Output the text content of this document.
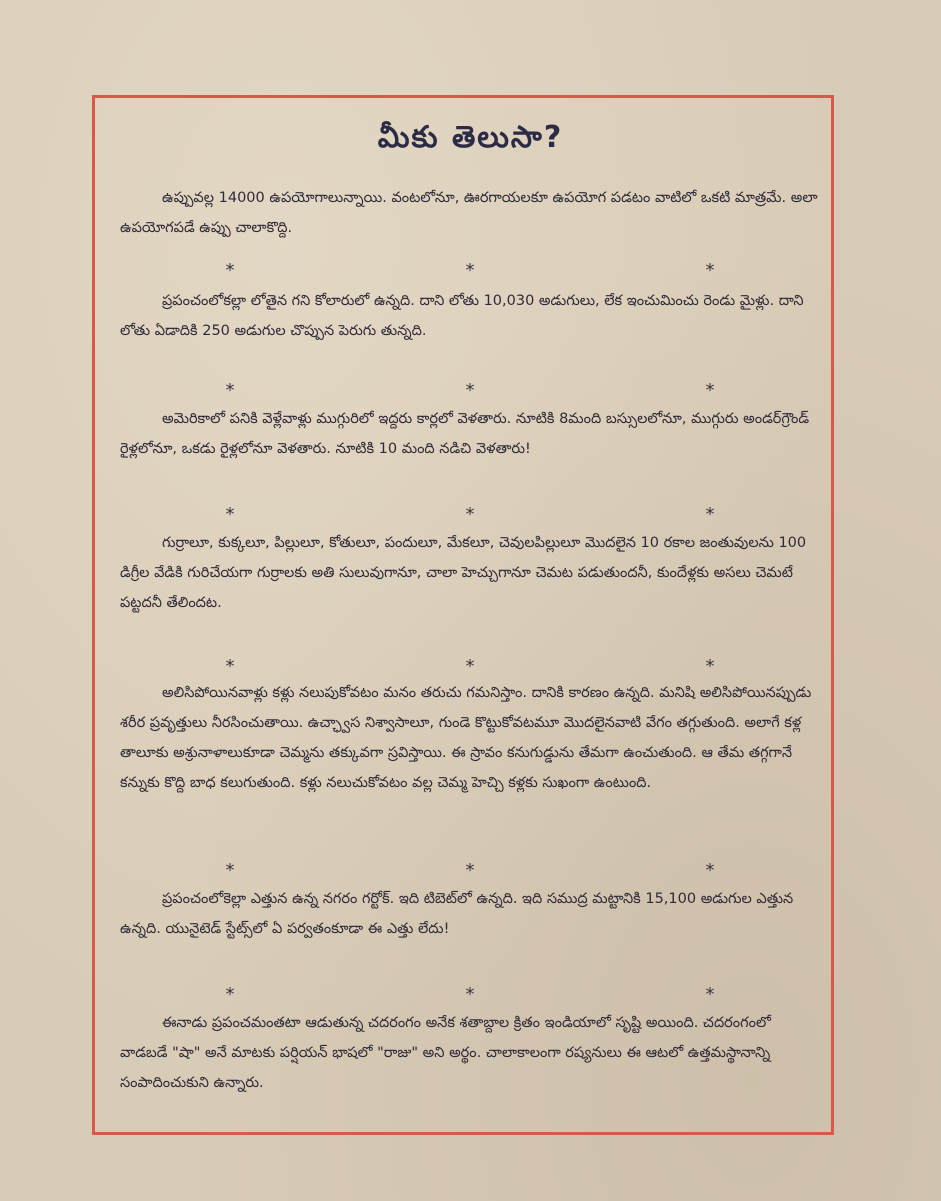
మీకు తెలుసా?

ఉప్పువల్ల 14000 ఉపయోగాలున్నాయి. వంటలోనూ, ఊరగాయలకూ ఉపయోగ పడటం వాటిలో ఒకటి మాత్రమే. అలా ఉపయోగపడే ఉప్పు చాలాకొద్ది.

*	*	*

ప్రపంచంలోకల్లా లోతైన గని కోలారులో ఉన్నది. దాని లోతు 10,030 అడుగులు, లేక ఇంచుమించు రెండు మైళ్లు. దాని లోతు ఏడాదికి 250 అడుగుల చొప్పున పెరుగు తున్నది.

*	*	*

అమెరికాలో పనికి వెళ్లేవాళ్లు ముగ్గురిలో ఇద్దరు కార్లలో వెళతారు. నూటికి 8మంది బస్సులలోనూ, ముగ్గురు అండర్‌గ్రౌండ్ రైళ్లలోనూ, ఒకడు రైళ్లలోనూ వెళతారు. నూటికి 10 మంది నడిచి వెళతారు!

*	*	*

గుర్రాలూ, కుక్కలూ, పిల్లులూ, కోతులూ, పందులూ, మేకలూ, చెవులపిల్లులూ మొదలైన 10 రకాల జంతువులను 100 డిగ్రీల వేడికి గురిచేయగా గుర్రాలకు అతి సులువుగానూ, చాలా హెచ్చుగానూ చెమట పడుతుందనీ, కుందేళ్లకు అసలు చెమటే పట్టదనీ తేలిందట.

*	*	*

అలిసిపోయినవాళ్లు కళ్లు నలుపుకోవటం మనం తరుచు గమనిస్తాం. దానికి కారణం ఉన్నది. మనిషి అలిసిపోయినప్పుడు శరీర ప్రవృత్తులు నీరసించుతాయి. ఉచ్ఛ్వాస నిశ్వాసాలూ, గుండె కొట్టుకోవటమూ మొదలైనవాటి వేగం తగ్గుతుంది. అలాగే కళ్ల తాలూకు అశ్రునాళాలుకూడా చెమ్మను తక్కువగా స్రవిస్తాయి. ఈ స్రావం కనుగుడ్డును తేమగా ఉంచుతుంది. ఆ తేమ తగ్గగానే కన్నుకు కొద్ది బాధ కలుగుతుంది. కళ్లు నలుచుకోవటం వల్ల చెమ్మ హెచ్చి కళ్లకు సుఖంగా ఉంటుంది.

*	*	*

ప్రపంచంలోకెల్లా ఎత్తున ఉన్న నగరం గర్టోక్. ఇది టిబెట్‌లో ఉన్నది. ఇది సముద్ర మట్టానికి 15,100 అడుగుల ఎత్తున ఉన్నది. యునైటెడ్ స్టేట్స్‌లో ఏ పర్వతంకూడా ఈ ఎత్తు లేదు!

*	*	*

ఈనాడు ప్రపంచమంతటా ఆడుతున్న చదరంగం అనేక శతాబ్దాల క్రితం ఇండియాలో సృష్టి అయింది. చదరంగంలో వాడబడే "షా" అనే మాటకు పర్షియన్ భాషలో "రాజు" అని అర్థం. చాలాకాలంగా రష్యనులు ఈ ఆటలో ఉత్తమస్థానాన్ని సంపాదించుకుని ఉన్నారు.
